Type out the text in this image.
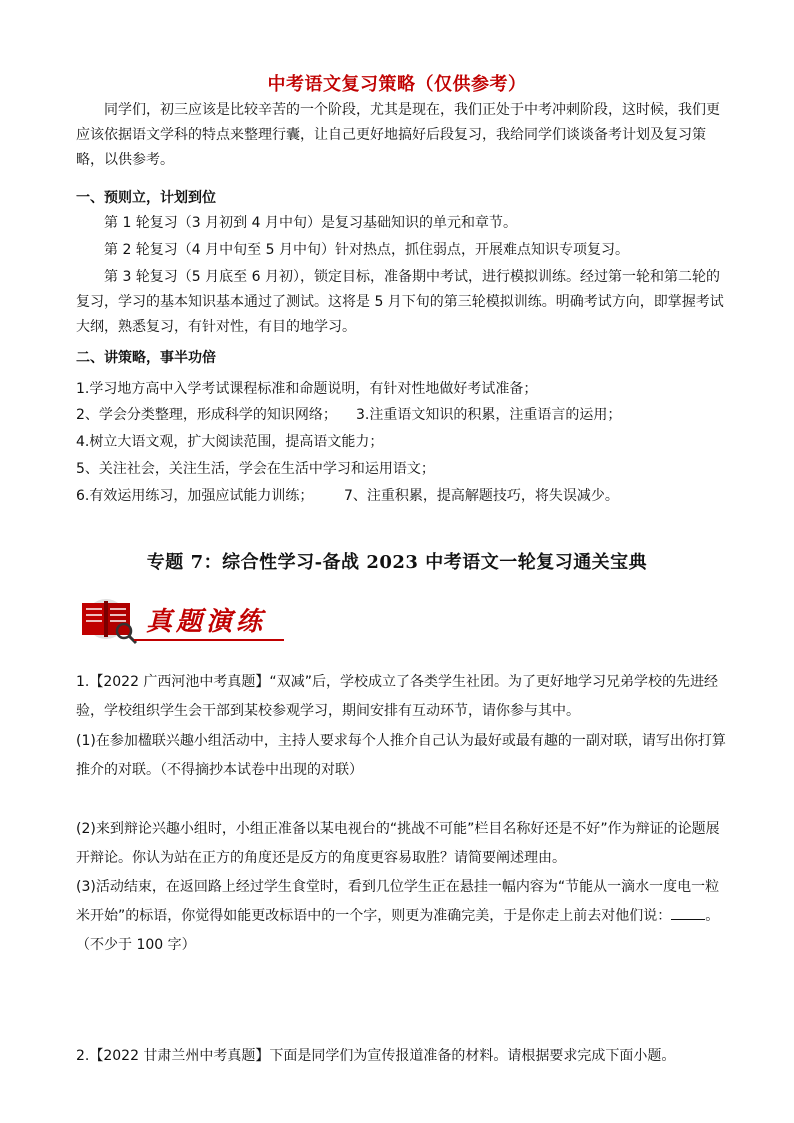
中考语文复习策略（仅供参考）
同学们，初三应该是比较辛苦的一个阶段，尤其是现在，我们正处于中考冲刺阶段，这时候，我们更应该依据语文学科的特点来整理行囊，让自己更好地搞好后段复习，我给同学们谈谈备考计划及复习策略，以供参考。
一、预则立，计划到位
第 1 轮复习（3 月初到 4 月中旬）是复习基础知识的单元和章节。
第 2 轮复习（4 月中旬至 5 月中旬）针对热点，抓住弱点，开展难点知识专项复习。
第 3 轮复习（5 月底至 6 月初），锁定目标，准备期中考试，进行模拟训练。经过第一轮和第二轮的复习，学习的基本知识基本通过了测试。这将是 5 月下旬的第三轮模拟训练。明确考试方向，即掌握考试大纲，熟悉复习，有针对性，有目的地学习。
二、讲策略，事半功倍
1.学习地方高中入学考试课程标准和命题说明，有针对性地做好考试准备；
2、学会分类整理，形成科学的知识网络； 3.注重语文知识的积累，注重语言的运用；
4.树立大语文观，扩大阅读范围，提高语文能力；
5、关注社会，关注生活，学会在生活中学习和运用语文；
6.有效运用练习，加强应试能力训练； 7、注重积累，提高解题技巧，将失误减少。
专题 7：综合性学习-备战 2023 中考语文一轮复习通关宝典
真题演练
1.【2022 广西河池中考真题】“双减”后，学校成立了各类学生社团。为了更好地学习兄弟学校的先进经验，学校组织学生会干部到某校参观学习，期间安排有互动环节，请你参与其中。
(1)在参加楹联兴趣小组活动中，主持人要求每个人推介自己认为最好或最有趣的一副对联，请写出你打算推介的对联。（不得摘抄本试卷中出现的对联）
(2)来到辩论兴趣小组时，小组正准备以某电视台的“挑战不可能”栏目名称好还是不好”作为辩证的论题展开辩论。你认为站在正方的角度还是反方的角度更容易取胜？请简要阐述理由。
(3)活动结束，在返回路上经过学生食堂时，看到几位学生正在悬挂一幅内容为“节能从一滴水一度电一粒米开始”的标语，你觉得如能更改标语中的一个字，则更为准确完美，于是你走上前去对他们说： 。（不少于 100 字）
2.【2022 甘肃兰州中考真题】下面是同学们为宣传报道准备的材料。请根据要求完成下面小题。
